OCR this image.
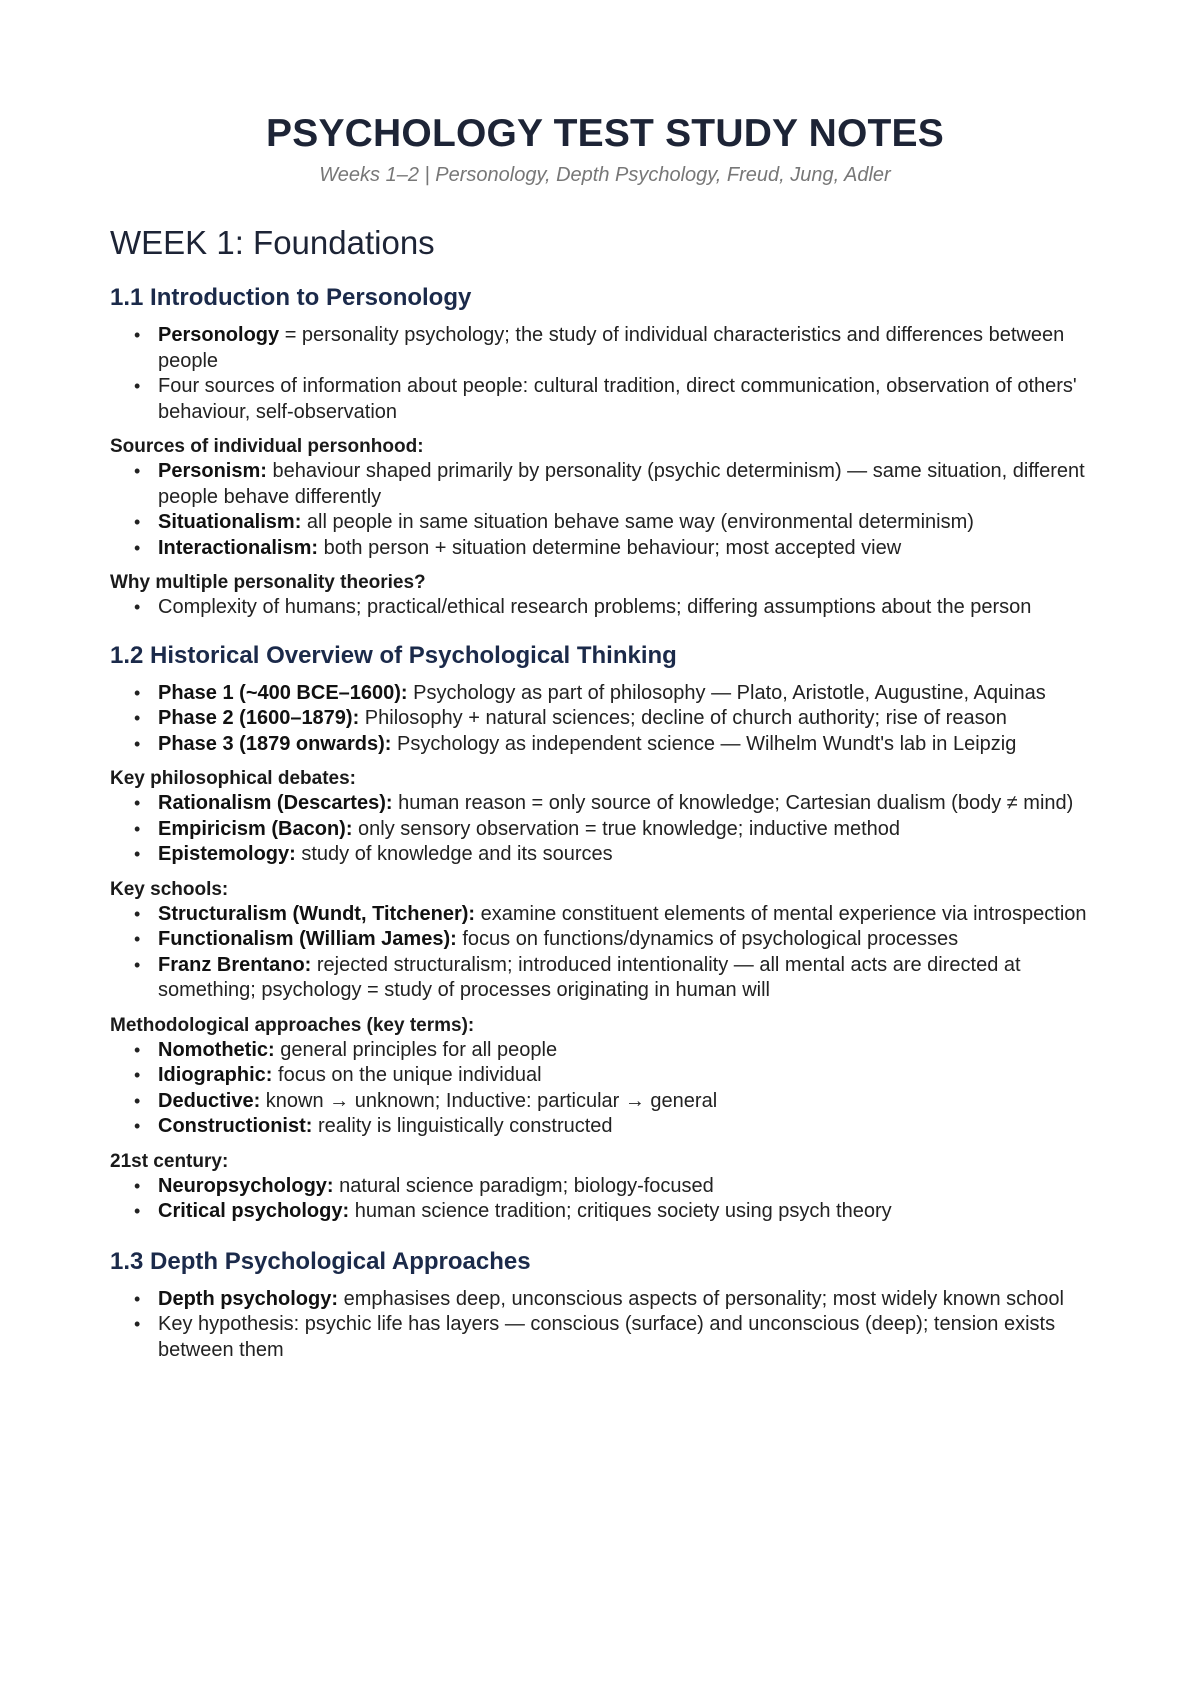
PSYCHOLOGY TEST STUDY NOTES
Weeks 1–2 | Personology, Depth Psychology, Freud, Jung, Adler
WEEK 1: Foundations
1.1 Introduction to Personology
• Personology = personality psychology; the study of individual characteristics and differences between people
• Four sources of information about people: cultural tradition, direct communication, observation of others' behaviour, self-observation
Sources of individual personhood:
• Personism: behaviour shaped primarily by personality (psychic determinism) — same situation, different people behave differently
• Situationalism: all people in same situation behave same way (environmental determinism)
• Interactionalism: both person + situation determine behaviour; most accepted view
Why multiple personality theories?
• Complexity of humans; practical/ethical research problems; differing assumptions about the person
1.2 Historical Overview of Psychological Thinking
• Phase 1 (~400 BCE–1600): Psychology as part of philosophy — Plato, Aristotle, Augustine, Aquinas
• Phase 2 (1600–1879): Philosophy + natural sciences; decline of church authority; rise of reason
• Phase 3 (1879 onwards): Psychology as independent science — Wilhelm Wundt's lab in Leipzig
Key philosophical debates:
• Rationalism (Descartes): human reason = only source of knowledge; Cartesian dualism (body ≠ mind)
• Empiricism (Bacon): only sensory observation = true knowledge; inductive method
• Epistemology: study of knowledge and its sources
Key schools:
• Structuralism (Wundt, Titchener): examine constituent elements of mental experience via introspection
• Functionalism (William James): focus on functions/dynamics of psychological processes
• Franz Brentano: rejected structuralism; introduced intentionality — all mental acts are directed at something; psychology = study of processes originating in human will
Methodological approaches (key terms):
• Nomothetic: general principles for all people
• Idiographic: focus on the unique individual
• Deductive: known → unknown; Inductive: particular → general
• Constructionist: reality is linguistically constructed
21st century:
• Neuropsychology: natural science paradigm; biology-focused
• Critical psychology: human science tradition; critiques society using psych theory
1.3 Depth Psychological Approaches
• Depth psychology: emphasises deep, unconscious aspects of personality; most widely known school
• Key hypothesis: psychic life has layers — conscious (surface) and unconscious (deep); tension exists between them
